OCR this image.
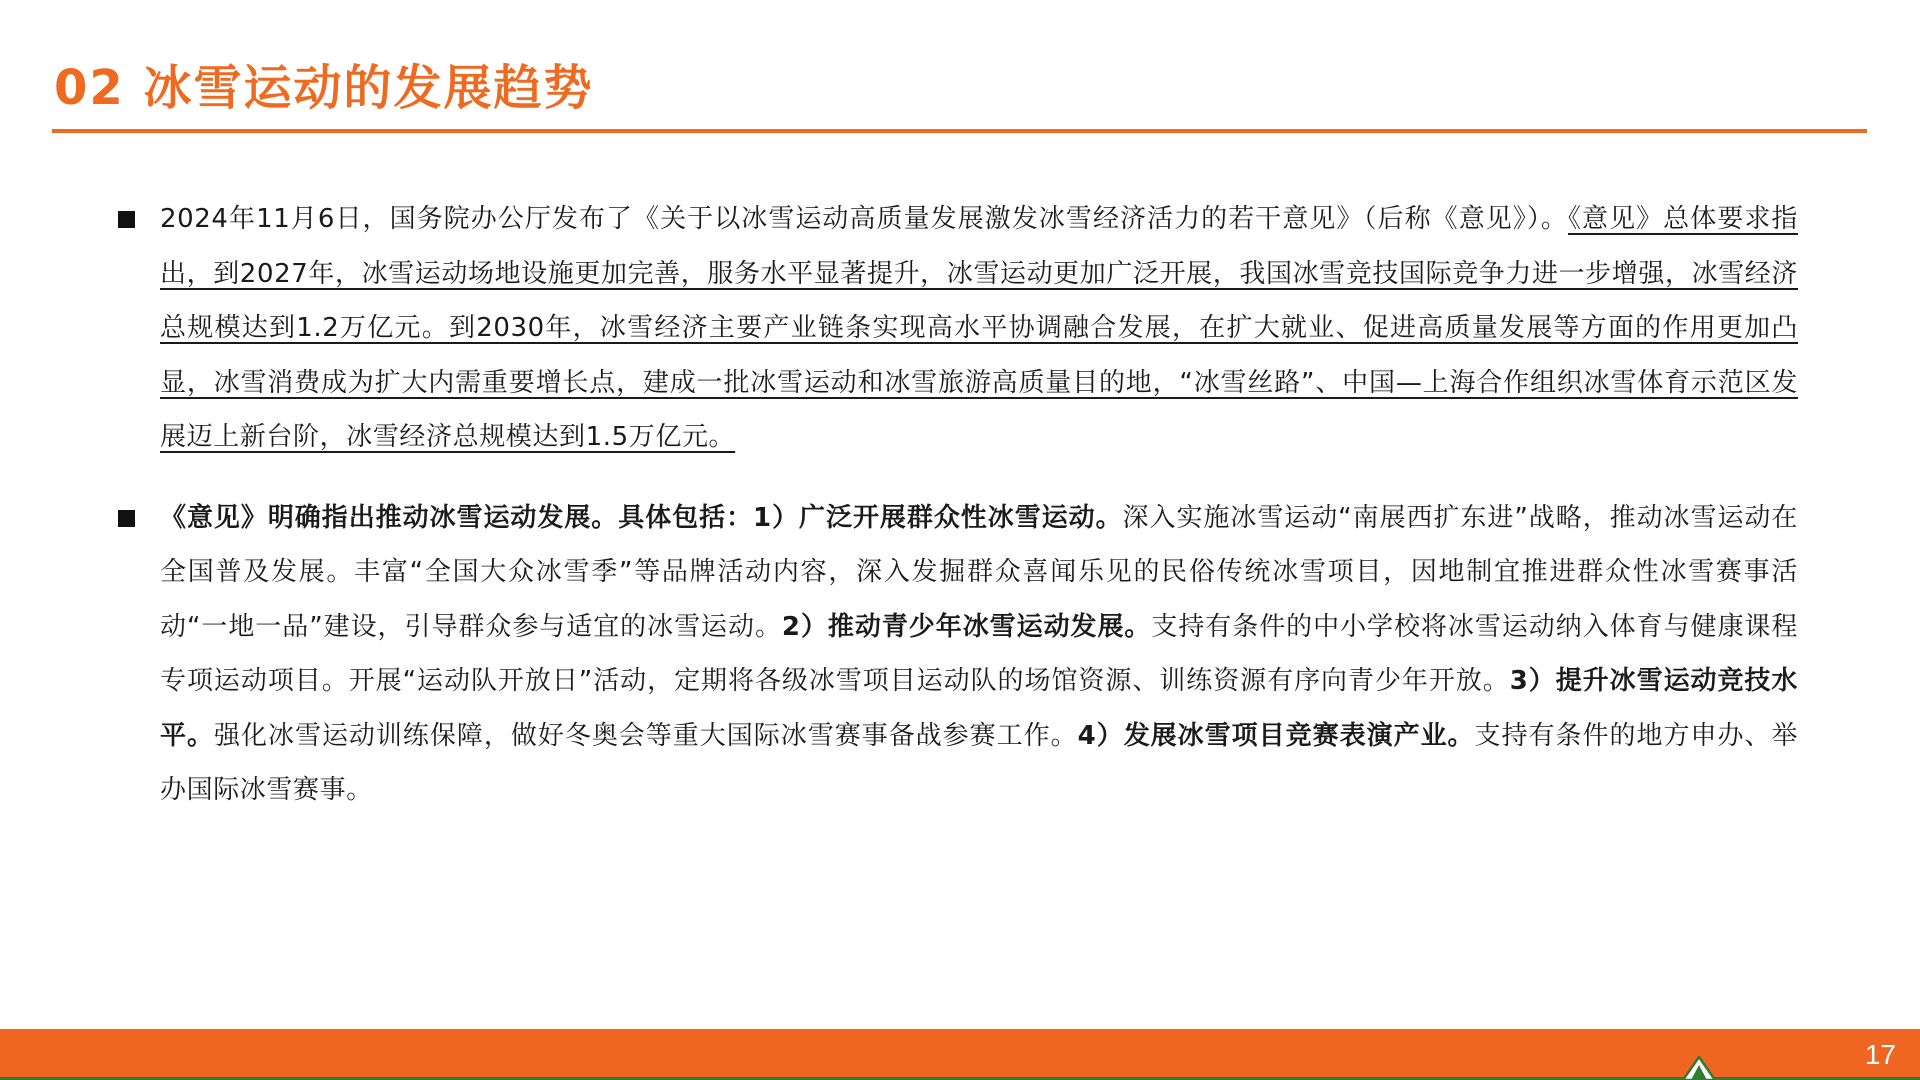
02 冰雪运动的发展趋势

2024年11月6日，国务院办公厅发布了《关于以冰雪运动高质量发展激发冰雪经济活力的若干意见》（后称《意见》）。《意见》总体要求指出，到2027年，冰雪运动场地设施更加完善，服务水平显著提升，冰雪运动更加广泛开展，我国冰雪竞技国际竞争力进一步增强，冰雪经济总规模达到1.2万亿元。到2030年，冰雪经济主要产业链条实现高水平协调融合发展，在扩大就业、促进高质量发展等方面的作用更加凸显，冰雪消费成为扩大内需重要增长点，建成一批冰雪运动和冰雪旅游高质量目的地，“冰雪丝路”、中国—上海合作组织冰雪体育示范区发展迈上新台阶，冰雪经济总规模达到1.5万亿元。

《意见》明确指出推动冰雪运动发展。具体包括：1）广泛开展群众性冰雪运动。深入实施冰雪运动“南展西扩东进”战略，推动冰雪运动在全国普及发展。丰富“全国大众冰雪季”等品牌活动内容，深入发掘群众喜闻乐见的民俗传统冰雪项目，因地制宜推进群众性冰雪赛事活动“一地一品”建设，引导群众参与适宜的冰雪运动。2）推动青少年冰雪运动发展。支持有条件的中小学校将冰雪运动纳入体育与健康课程专项运动项目。开展“运动队开放日”活动，定期将各级冰雪项目运动队的场馆资源、训练资源有序向青少年开放。3）提升冰雪运动竞技水平。强化冰雪运动训练保障，做好冬奥会等重大国际冰雪赛事备战参赛工作。4）发展冰雪项目竞赛表演产业。支持有条件的地方申办、举办国际冰雪赛事。

17
